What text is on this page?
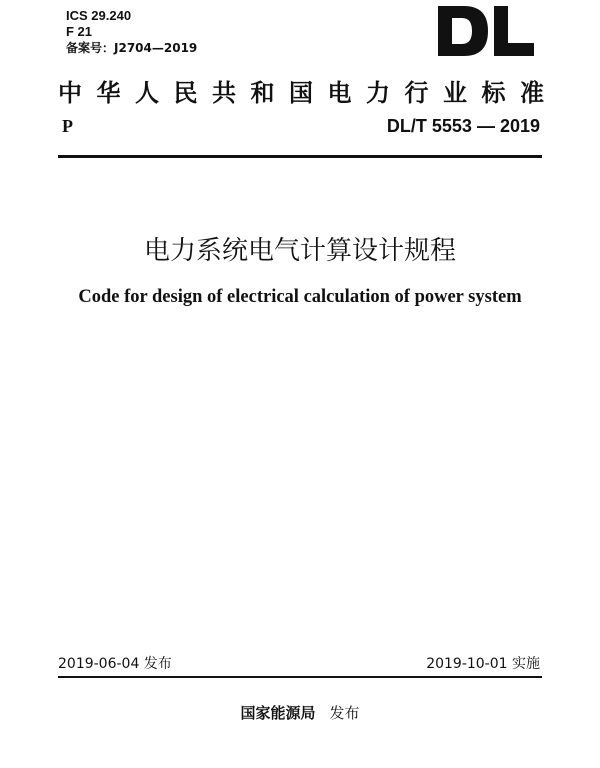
ICS 29.240
F 21
备案号：J2704—2019
中 华 人 民 共 和 国 电 力 行 业 标 准
P	DL/T 5553 — 2019
电力系统电气计算设计规程
Code for design of electrical calculation of power system
2019-06-04 发布	2019-10-01 实施
国家能源局 发布
